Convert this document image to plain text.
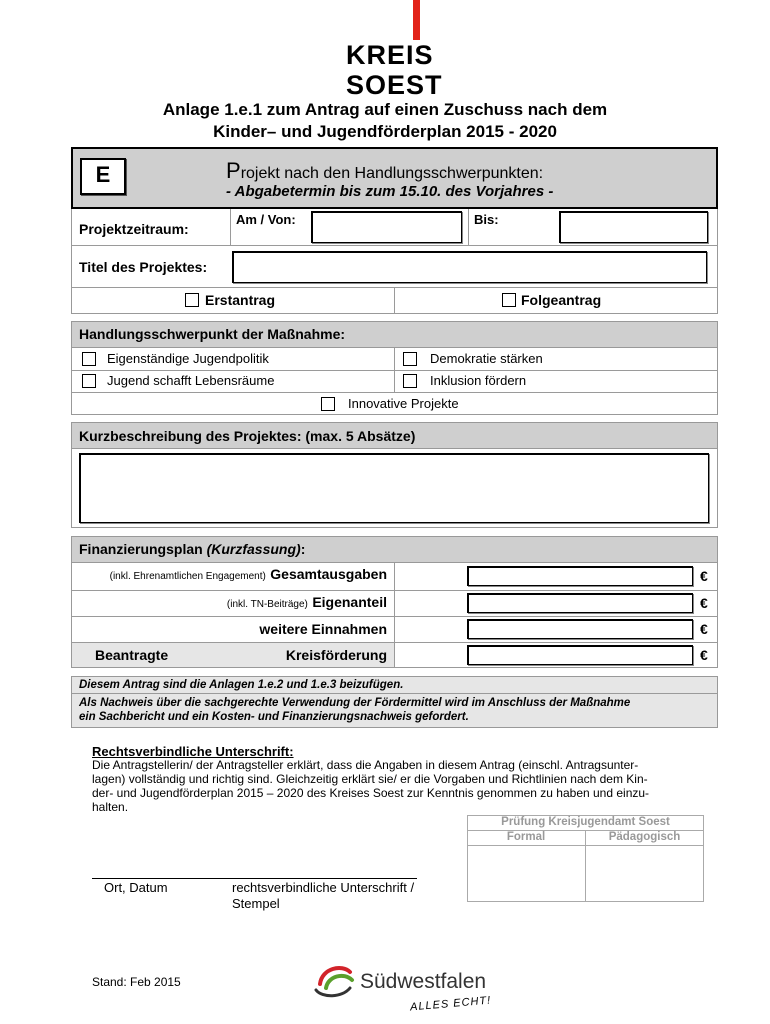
KREIS
SOEST
Anlage 1.e.1 zum Antrag auf einen Zuschuss nach dem
Kinder– und Jugendförderplan 2015 - 2020
E	Projekt nach den Handlungsschwerpunkten:
- Abgabetermin bis zum 15.10. des Vorjahres -
Projektzeitraum:
Am / Von:	Bis:
Titel des Projektes:
Erstantrag	Folgeantrag
Handlungsschwerpunkt der Maßnahme:
Eigenständige Jugendpolitik	Demokratie stärken
Jugend schafft Lebensräume	Inklusion fördern
Innovative Projekte
Kurzbeschreibung des Projektes: (max. 5 Absätze)
Finanzierungsplan (Kurzfassung):
(inkl. Ehrenamtlichen Engagement) Gesamtausgaben	€
(inkl. TN-Beiträge) Eigenanteil	€
weitere Einnahmen	€
Beantragte	Kreisförderung	€
Diesem Antrag sind die Anlagen 1.e.2 und 1.e.3 beizufügen.
Als Nachweis über die sachgerechte Verwendung der Fördermittel wird im Anschluss der Maßnahme
ein Sachbericht und ein Kosten- und Finanzierungsnachweis gefordert.
Rechtsverbindliche Unterschrift:
Die Antragstellerin/ der Antragsteller erklärt, dass die Angaben in diesem Antrag (einschl. Antragsunter-
lagen) vollständig und richtig sind. Gleichzeitig erklärt sie/ er die Vorgaben und Richtlinien nach dem Kin-
der- und Jugendförderplan 2015 – 2020 des Kreises Soest zur Kenntnis genommen zu haben und einzu-
halten.
Ort, Datum	rechtsverbindliche Unterschrift /
Stempel
Prüfung Kreisjugendamt Soest
Formal	Pädagogisch
Stand: Feb 2015	Südwestfalen
ALLES ECHT!
